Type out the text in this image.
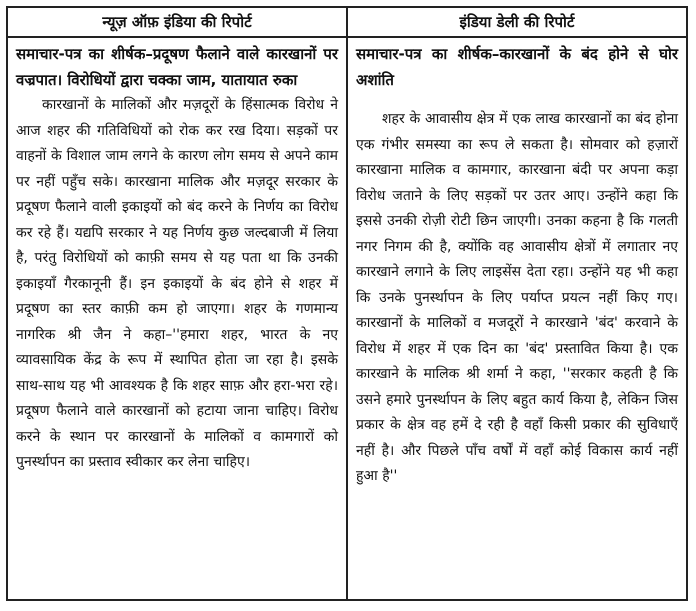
न्यूज़ ऑफ़ इंडिया की रिपोर्ट	इंडिया डेली की रिपोर्ट

समाचार-पत्र का शीर्षक–प्रदूषण फैलाने वाले कारखानों पर वज्रपात। विरोधियों द्वारा चक्का जाम, यातायात रुका

कारखानों के मालिकों और मज़दूरों के हिंसात्मक विरोध ने आज शहर की गतिविधियों को रोक कर रख दिया। सड़कों पर वाहनों के विशाल जाम लगने के कारण लोग समय से अपने काम पर नहीं पहुँच सके। कारखाना मालिक और मज़दूर सरकार के प्रदूषण फैलाने वाली इकाइयों को बंद करने के निर्णय का विरोध कर रहे हैं। यद्यपि सरकार ने यह निर्णय कुछ जल्दबाजी में लिया है, परंतु विरोधियों को काफ़ी समय से यह पता था कि उनकी इकाइयाँ गैरकानूनी हैं। इन इकाइयों के बंद होने से शहर में प्रदूषण का स्तर काफ़ी कम हो जाएगा। शहर के गणमान्य नागरिक श्री जैन ने कहा–''हमारा शहर, भारत के नए व्यावसायिक केंद्र के रूप में स्थापित होता जा रहा है। इसके साथ-साथ यह भी आवश्यक है कि शहर साफ़ और हरा-भरा रहे। प्रदूषण फैलाने वाले कारखानों को हटाया जाना चाहिए। विरोध करने के स्थान पर कारखानों के मालिकों व कामगारों को पुनर्स्थापन का प्रस्ताव स्वीकार कर लेना चाहिए।

समाचार-पत्र का शीर्षक–कारखानों के बंद होने से घोर अशांति

शहर के आवासीय क्षेत्र में एक लाख कारखानों का बंद होना एक गंभीर समस्या का रूप ले सकता है। सोमवार को हज़ारों कारखाना मालिक व कामगार, कारखाना बंदी पर अपना कड़ा विरोध जताने के लिए सड़कों पर उतर आए। उन्होंने कहा कि इससे उनकी रोज़ी रोटी छिन जाएगी। उनका कहना है कि गलती नगर निगम की है, क्योंकि वह आवासीय क्षेत्रों में लगातार नए कारखाने लगाने के लिए लाइसेंस देता रहा। उन्होंने यह भी कहा कि उनके पुनर्स्थापन के लिए पर्याप्त प्रयत्न नहीं किए गए। कारखानों के मालिकों व मजदूरों ने कारखाने 'बंद' करवाने के विरोध में शहर में एक दिन का 'बंद' प्रस्तावित किया है। एक कारखाने के मालिक श्री शर्मा ने कहा, ''सरकार कहती है कि उसने हमारे पुनर्स्थापन के लिए बहुत कार्य किया है, लेकिन जिस प्रकार के क्षेत्र वह हमें दे रही है वहाँ किसी प्रकार की सुविधाएँ नहीं है। और पिछले पाँच वर्षों में वहाँ कोई विकास कार्य नहीं हुआ है''
